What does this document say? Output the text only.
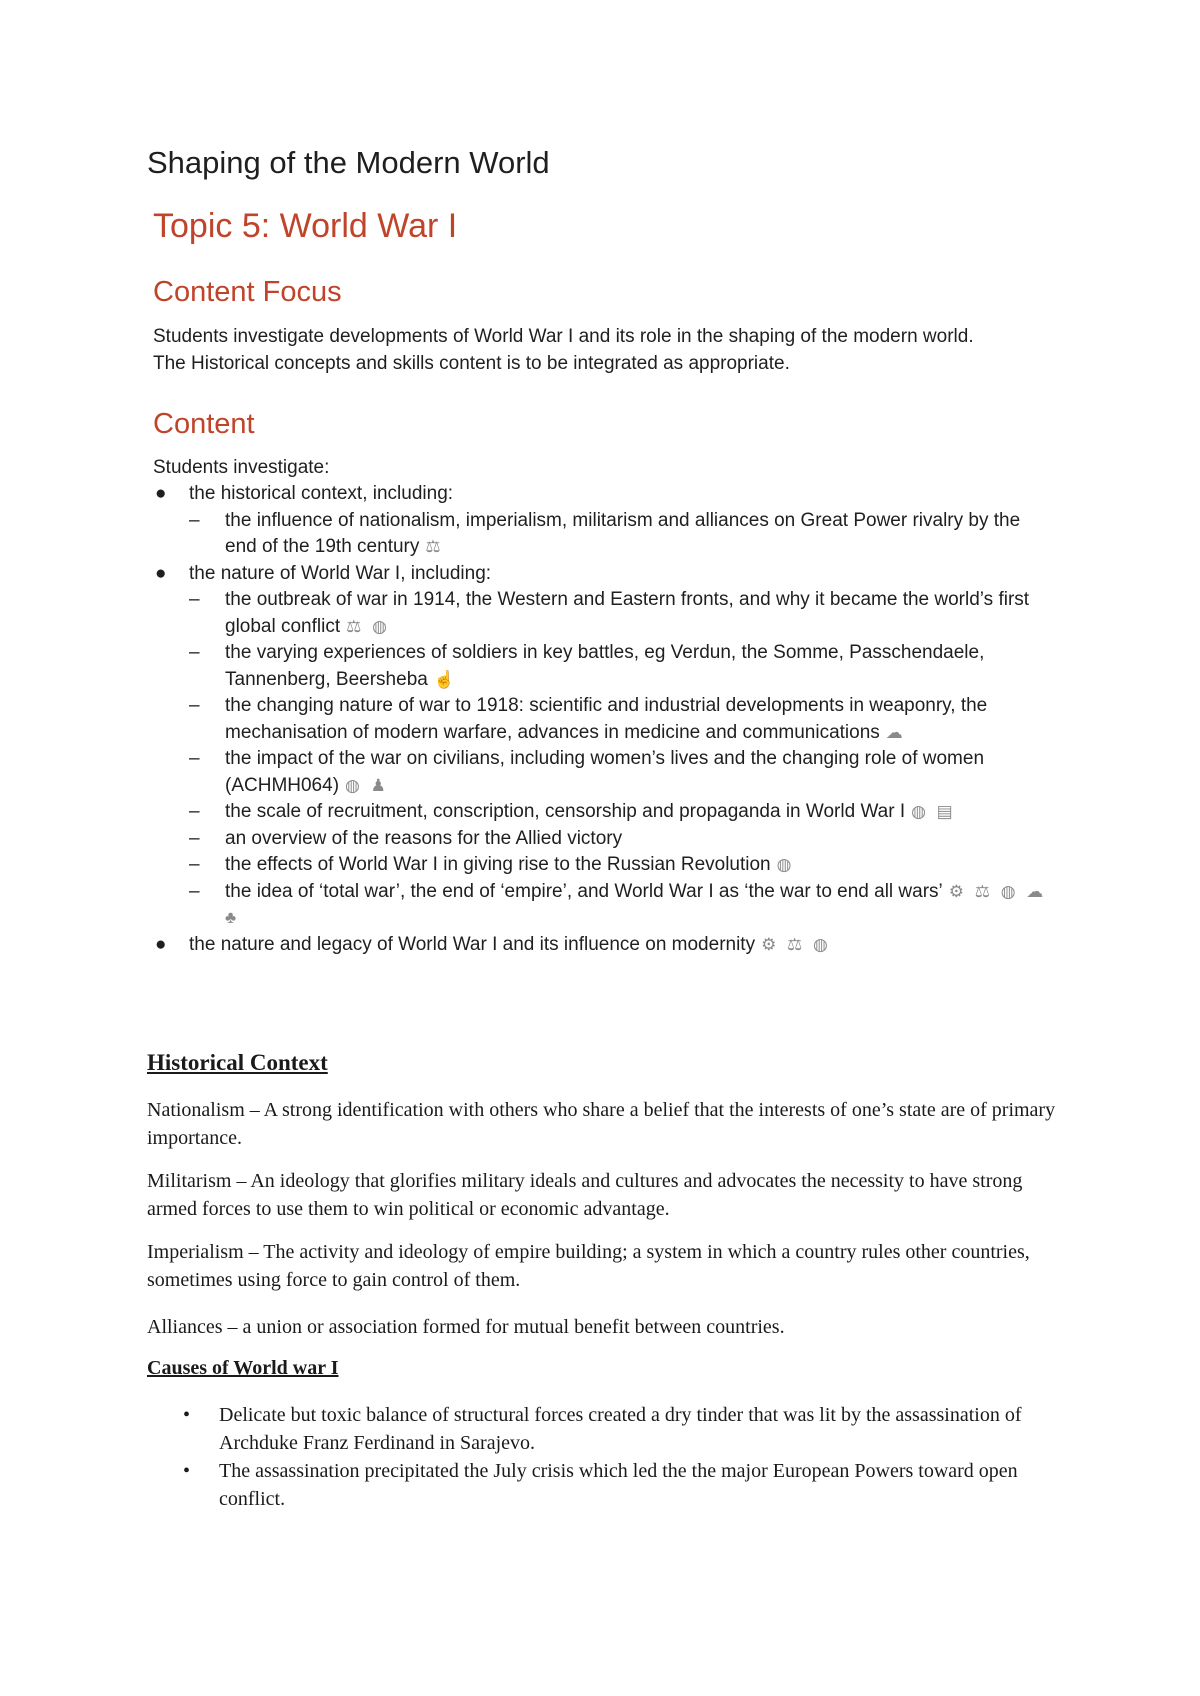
Shaping of the Modern World
Topic 5: World War I
Content Focus
Students investigate developments of World War I and its role in the shaping of the modern world.
The Historical concepts and skills content is to be integrated as appropriate.
Content
Students investigate:
● the historical context, including:
– the influence of nationalism, imperialism, militarism and alliances on Great Power rivalry by the end of the 19th century ⚖
● the nature of World War I, including:
– the outbreak of war in 1914, the Western and Eastern fronts, and why it became the world’s first global conflict ⚖ ◍
– the varying experiences of soldiers in key battles, eg Verdun, the Somme, Passchendaele, Tannenberg, Beersheba ☝
– the changing nature of war to 1918: scientific and industrial developments in weaponry, the mechanisation of modern warfare, advances in medicine and communications ☁
– the impact of the war on civilians, including women’s lives and the changing role of women (ACHMH064) ◍ ♟
– the scale of recruitment, conscription, censorship and propaganda in World War I ◍ ▤
– an overview of the reasons for the Allied victory
– the effects of World War I in giving rise to the Russian Revolution ◍
– the idea of ‘total war’, the end of ‘empire’, and World War I as ‘the war to end all wars’ ⚙ ⚖ ◍ ☁ ♣
● the nature and legacy of World War I and its influence on modernity ⚙ ⚖ ◍
Historical Context

Nationalism – A strong identification with others who share a belief that the interests of one’s state are of primary importance.

Militarism – An ideology that glorifies military ideals and cultures and advocates the necessity to have strong armed forces to use them to win political or economic advantage.

Imperialism – The activity and ideology of empire building; a system in which a country rules other countries, sometimes using force to gain control of them.

Alliances – a union or association formed for mutual benefit between countries.

Causes of World war I
• Delicate but toxic balance of structural forces created a dry tinder that was lit by the assassination of Archduke Franz Ferdinand in Sarajevo.
• The assassination precipitated the July crisis which led the the major European Powers toward open conflict.
